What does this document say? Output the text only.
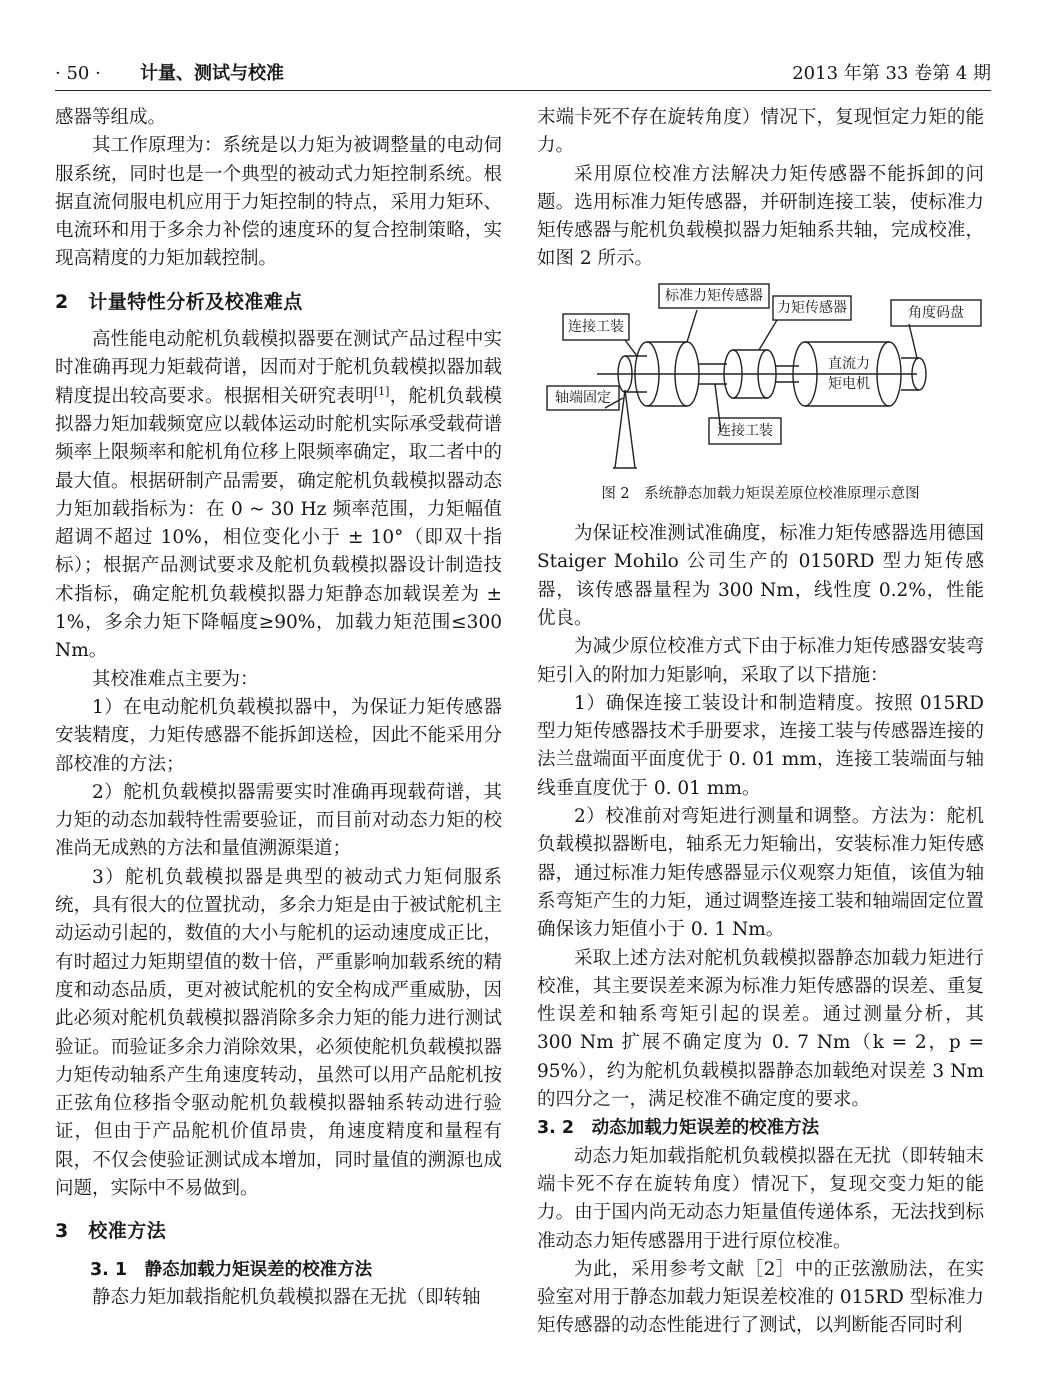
· 50 · 计量、测试与校准	2013 年第 33 卷第 4 期

感器等组成。

其工作原理为：系统是以力矩为被调整量的电动伺服系统，同时也是一个典型的被动式力矩控制系统。根据直流伺服电机应用于力矩控制的特点，采用力矩环、电流环和用于多余力补偿的速度环的复合控制策略，实现高精度的力矩加载控制。

2　计量特性分析及校准难点

高性能电动舵机负载模拟器要在测试产品过程中实时准确再现力矩载荷谱，因而对于舵机负载模拟器加载精度提出较高要求。根据相关研究表明[1]，舵机负载模拟器力矩加载频宽应以载体运动时舵机实际承受载荷谱频率上限频率和舵机角位移上限频率确定，取二者中的最大值。根据研制产品需要，确定舵机负载模拟器动态力矩加载指标为：在 0 ~ 30 Hz 频率范围，力矩幅值超调不超过 10%，相位变化小于 ± 10°（即双十指标）；根据产品测试要求及舵机负载模拟器设计制造技术指标，确定舵机负载模拟器力矩静态加载误差为 ± 1%，多余力矩下降幅度≥90%，加载力矩范围≤300 Nm。

其校准难点主要为：

1）在电动舵机负载模拟器中，为保证力矩传感器安装精度，力矩传感器不能拆卸送检，因此不能采用分部校准的方法；

2）舵机负载模拟器需要实时准确再现载荷谱，其力矩的动态加载特性需要验证，而目前对动态力矩的校准尚无成熟的方法和量值溯源渠道；

3）舵机负载模拟器是典型的被动式力矩伺服系统，具有很大的位置扰动，多余力矩是由于被试舵机主动运动引起的，数值的大小与舵机的运动速度成正比，有时超过力矩期望值的数十倍，严重影响加载系统的精度和动态品质，更对被试舵机的安全构成严重威胁，因此必须对舵机负载模拟器消除多余力矩的能力进行测试验证。而验证多余力消除效果，必须使舵机负载模拟器力矩传动轴系产生角速度转动，虽然可以用产品舵机按正弦角位移指令驱动舵机负载模拟器轴系转动进行验证，但由于产品舵机价值昂贵，角速度精度和量程有限，不仅会使验证测试成本增加，同时量值的溯源也成问题，实际中不易做到。

3　校准方法
3. 1　静态加载力矩误差的校准方法

静态力矩加载指舵机负载模拟器在无扰（即转轴

末端卡死不存在旋转角度）情况下，复现恒定力矩的能力。

采用原位校准方法解决力矩传感器不能拆卸的问题。选用标准力矩传感器，并研制连接工装，使标准力矩传感器与舵机负载模拟器力矩轴系共轴，完成校准，如图 2 所示。

连接工装
标准力矩传感器
力矩传感器	角度码盘
直流力
矩电机
轴端固定
连接工装
图 2　系统静态加载力矩误差原位校准原理示意图

为保证校准测试准确度，标准力矩传感器选用德国 Staiger Mohilo 公司生产的 0150RD 型力矩传感器，该传感器量程为 300 Nm，线性度 0.2%，性能优良。

为减少原位校准方式下由于标准力矩传感器安装弯矩引入的附加力矩影响，采取了以下措施：

1）确保连接工装设计和制造精度。按照 015RD 型力矩传感器技术手册要求，连接工装与传感器连接的法兰盘端面平面度优于 0. 01 mm，连接工装端面与轴线垂直度优于 0. 01 mm。

2）校准前对弯矩进行测量和调整。方法为：舵机负载模拟器断电，轴系无力矩输出，安装标准力矩传感器，通过标准力矩传感器显示仪观察力矩值，该值为轴系弯矩产生的力矩，通过调整连接工装和轴端固定位置确保该力矩值小于 0. 1 Nm。

采取上述方法对舵机负载模拟器静态加载力矩进行校准，其主要误差来源为标准力矩传感器的误差、重复性误差和轴系弯矩引起的误差。通过测量分析，其 300 Nm 扩展不确定度为 0. 7 Nm（k = 2，p = 95%），约为舵机负载模拟器静态加载绝对误差 3 Nm 的四分之一，满足校准不确定度的要求。

3. 2　动态加载力矩误差的校准方法

动态力矩加载指舵机负载模拟器在无扰（即转轴末端卡死不存在旋转角度）情况下，复现交变力矩的能力。由于国内尚无动态力矩量值传递体系，无法找到标准动态力矩传感器用于进行原位校准。

为此，采用参考文献［2］中的正弦激励法，在实验室对用于静态加载力矩误差校准的 015RD 型标准力矩传感器的动态性能进行了测试，以判断能否同时利
